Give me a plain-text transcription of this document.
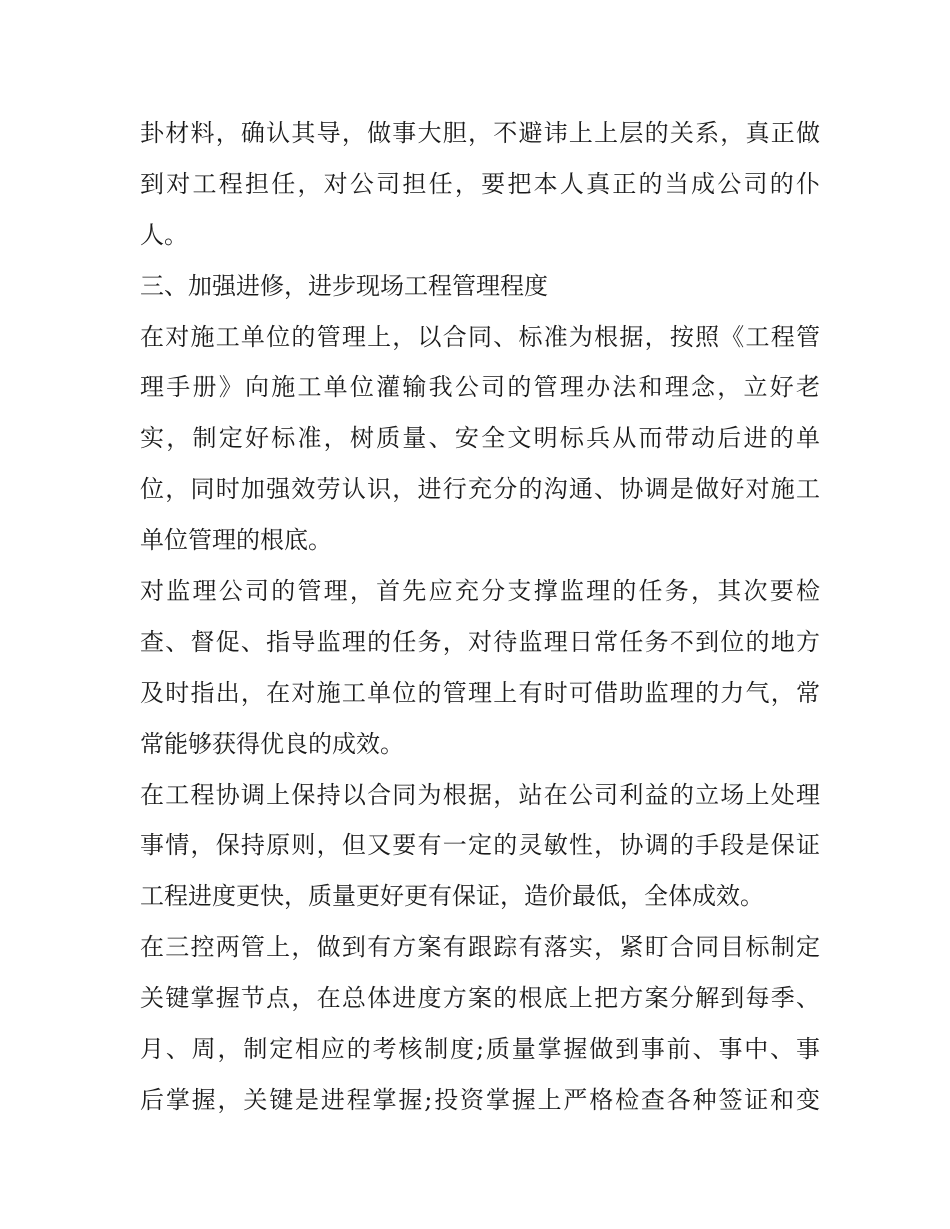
卦材料，确认其导，做事大胆，不避讳上上层的关系，真正做
到对工程担任，对公司担任，要把本人真正的当成公司的仆
人。
三、加强进修，进步现场工程管理程度
在对施工单位的管理上，以合同、标准为根据，按照《工程管
理手册》向施工单位灌输我公司的管理办法和理念，立好老
实，制定好标准，树质量、安全文明标兵从而带动后进的单
位，同时加强效劳认识，进行充分的沟通、协调是做好对施工
单位管理的根底。
对监理公司的管理，首先应充分支撑监理的任务，其次要检
查、督促、指导监理的任务，对待监理日常任务不到位的地方
及时指出，在对施工单位的管理上有时可借助监理的力气，常
常能够获得优良的成效。
在工程协调上保持以合同为根据，站在公司利益的立场上处理
事情，保持原则，但又要有一定的灵敏性，协调的手段是保证
工程进度更快，质量更好更有保证，造价最低，全体成效。
在三控两管上，做到有方案有跟踪有落实，紧盯合同目标制定
关键掌握节点，在总体进度方案的根底上把方案分解到每季、
月、周，制定相应的考核制度;质量掌握做到事前、事中、事
后掌握，关键是进程掌握;投资掌握上严格检查各种签证和变
